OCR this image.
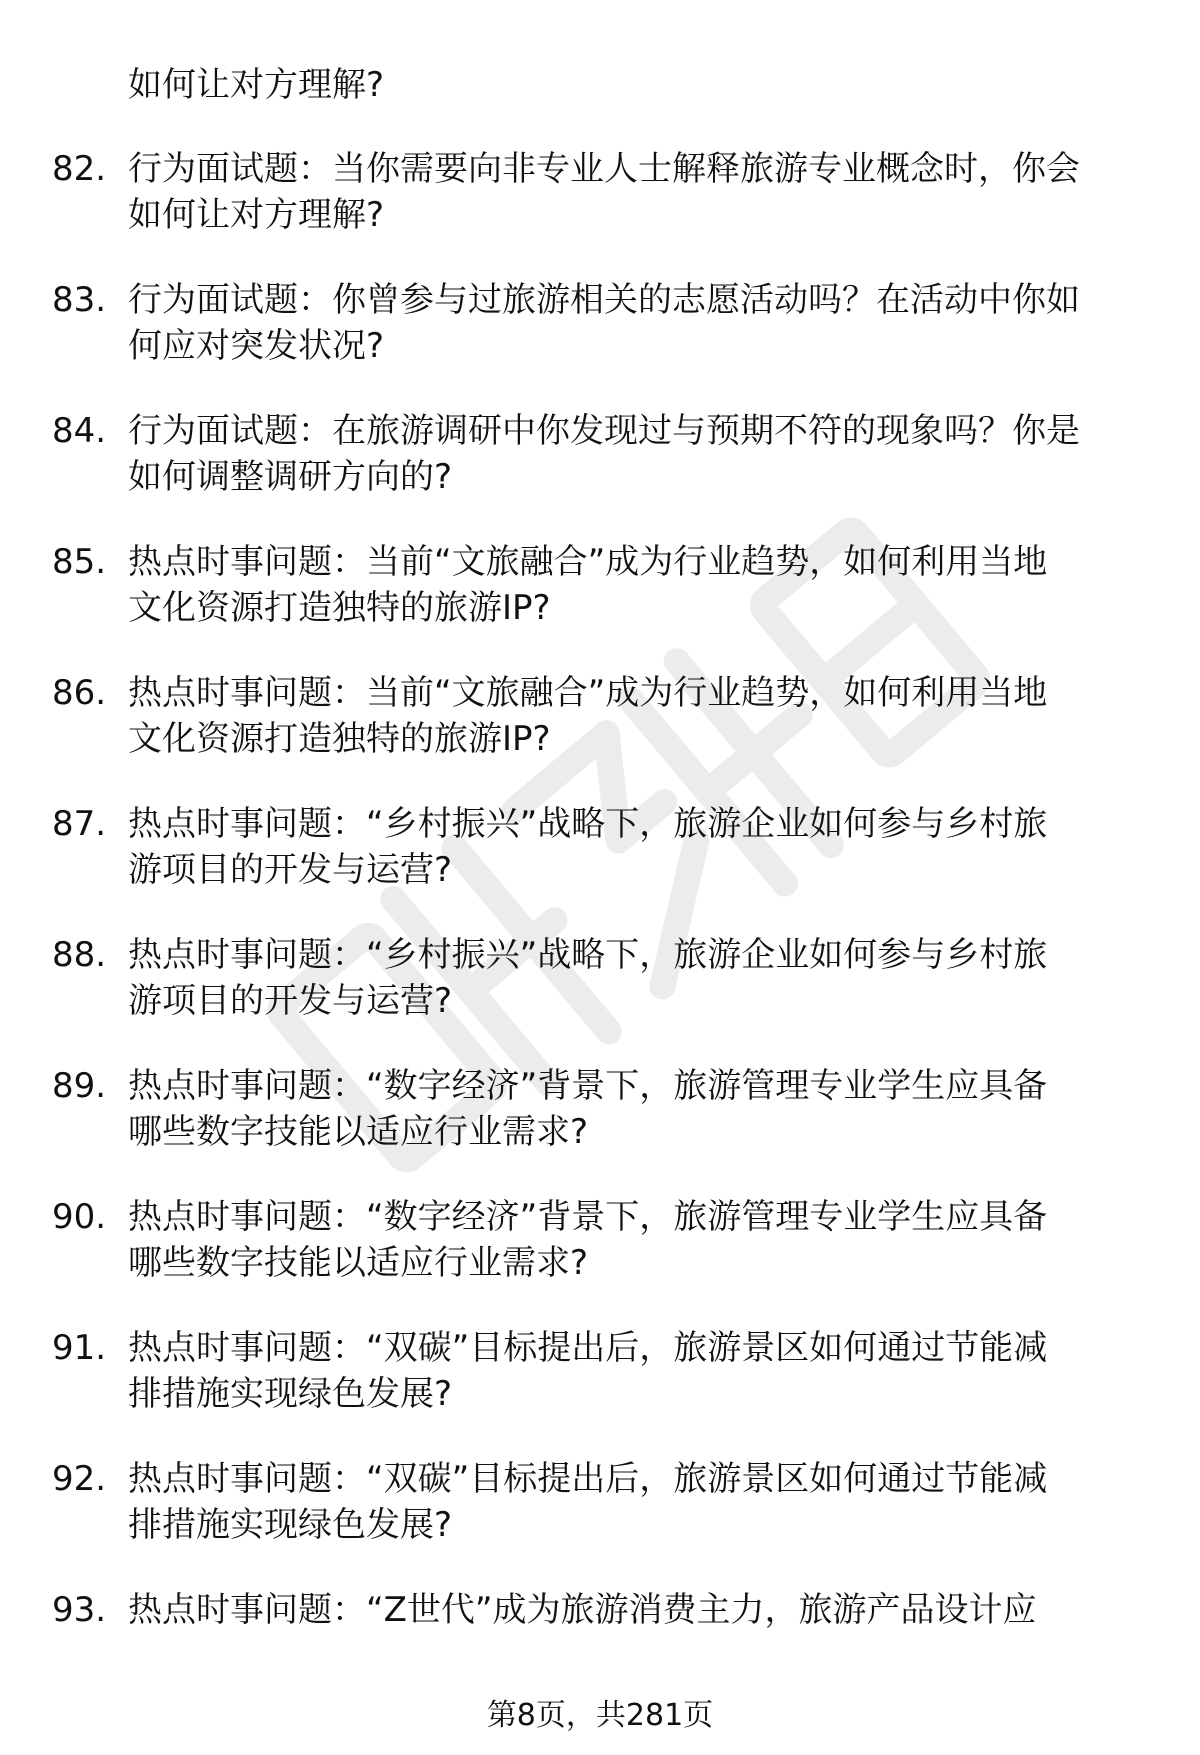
如何让对方理解?
82. 行为面试题：当你需要向非专业人士解释旅游专业概念时，你会
如何让对方理解?
83. 行为面试题：你曾参与过旅游相关的志愿活动吗？在活动中你如
何应对突发状况?
84. 行为面试题：在旅游调研中你发现过与预期不符的现象吗？你是
如何调整调研方向的?
85. 热点时事问题：当前“文旅融合”成为行业趋势，如何利用当地
文化资源打造独特的旅游IP?
86. 热点时事问题：当前“文旅融合”成为行业趋势，如何利用当地
文化资源打造独特的旅游IP?
87. 热点时事问题：“乡村振兴”战略下，旅游企业如何参与乡村旅
游项目的开发与运营?
88. 热点时事问题：“乡村振兴”战略下，旅游企业如何参与乡村旅
游项目的开发与运营?
89. 热点时事问题：“数字经济”背景下，旅游管理专业学生应具备
哪些数字技能以适应行业需求?
90. 热点时事问题：“数字经济”背景下，旅游管理专业学生应具备
哪些数字技能以适应行业需求?
91. 热点时事问题：“双碳”目标提出后，旅游景区如何通过节能减
排措施实现绿色发展?
92. 热点时事问题：“双碳”目标提出后，旅游景区如何通过节能减
排措施实现绿色发展?
93. 热点时事问题：“Z世代”成为旅游消费主力，旅游产品设计应
第8页，共281页
